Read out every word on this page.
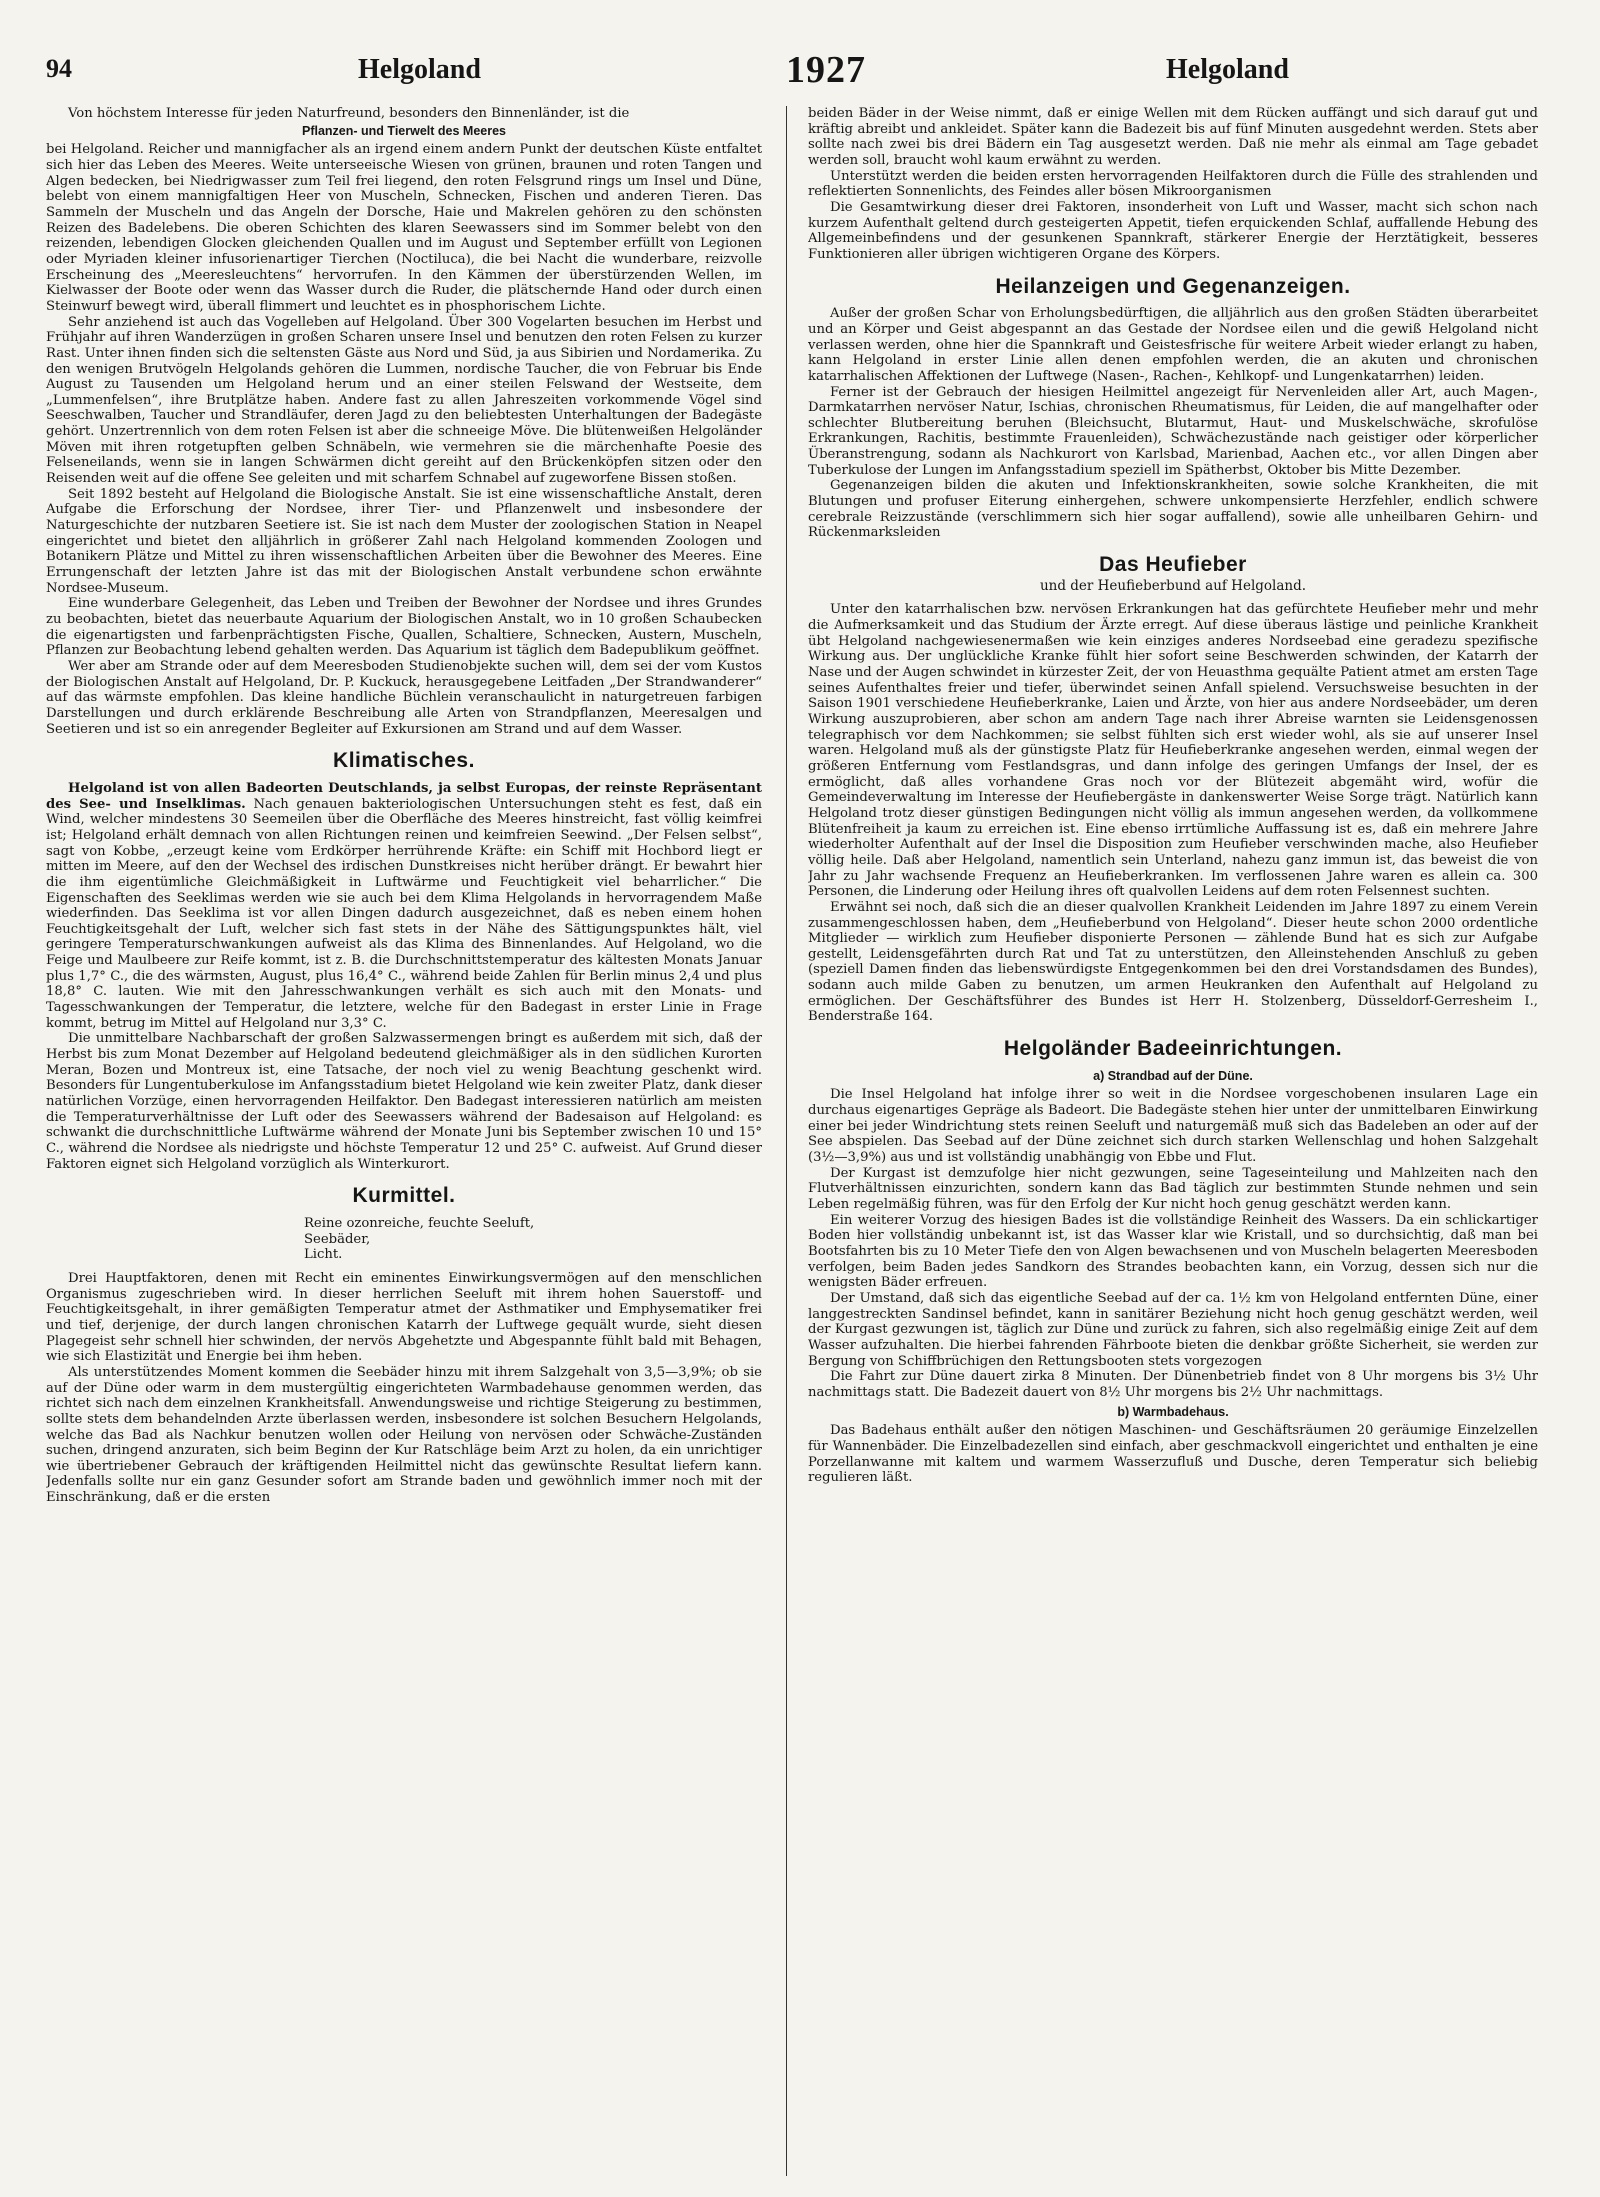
94	Helgoland	1927	Helgoland

Von höchstem Interesse für jeden Naturfreund, besonders den Binnenländer, ist die

Pflanzen- und Tierwelt des Meeres

bei Helgoland. Reicher und mannigfacher als an irgend einem andern Punkt der deutschen Küste entfaltet sich hier das Leben des Meeres. Weite unterseeische Wiesen von grünen, braunen und roten Tangen und Algen bedecken, bei Niedrigwasser zum Teil frei liegend, den roten Felsgrund rings um Insel und Düne, belebt von einem mannigfaltigen Heer von Muscheln, Schnecken, Fischen und anderen Tieren. Das Sammeln der Muscheln und das Angeln der Dorsche, Haie und Makrelen gehören zu den schönsten Reizen des Badelebens. Die oberen Schichten des klaren Seewassers sind im Sommer belebt von den reizenden, lebendigen Glocken gleichenden Quallen und im August und September erfüllt von Legionen oder Myriaden kleiner infusorienartiger Tierchen (Noctiluca), die bei Nacht die wunderbare, reizvolle Erscheinung des „Meeresleuchtens“ hervorrufen. In den Kämmen der überstürzenden Wellen, im Kielwasser der Boote oder wenn das Wasser durch die Ruder, die plätschernde Hand oder durch einen Steinwurf bewegt wird, überall flimmert und leuchtet es in phosphorischem Lichte.

Sehr anziehend ist auch das Vogelleben auf Helgoland. Über 300 Vogelarten besuchen im Herbst und Frühjahr auf ihren Wanderzügen in großen Scharen unsere Insel und benutzen den roten Felsen zu kurzer Rast. Unter ihnen finden sich die seltensten Gäste aus Nord und Süd, ja aus Sibirien und Nordamerika. Zu den wenigen Brutvögeln Helgolands gehören die Lummen, nordische Taucher, die von Februar bis Ende August zu Tausenden um Helgoland herum und an einer steilen Felswand der Westseite, dem „Lummenfelsen“, ihre Brutplätze haben. Andere fast zu allen Jahreszeiten vorkommende Vögel sind Seeschwalben, Taucher und Strandläufer, deren Jagd zu den beliebtesten Unterhaltungen der Badegäste gehört. Unzertrennlich von dem roten Felsen ist aber die schneeige Möve. Die blütenweißen Helgoländer Möven mit ihren rotgetupften gelben Schnäbeln, wie vermehren sie die märchenhafte Poesie des Felseneilands, wenn sie in langen Schwärmen dicht gereiht auf den Brückenköpfen sitzen oder den Reisenden weit auf die offene See geleiten und mit scharfem Schnabel auf zugeworfene Bissen stoßen.

Seit 1892 besteht auf Helgoland die Biologische Anstalt. Sie ist eine wissenschaftliche Anstalt, deren Aufgabe die Erforschung der Nordsee, ihrer Tier- und Pflanzenwelt und insbesondere der Naturgeschichte der nutzbaren Seetiere ist. Sie ist nach dem Muster der zoologischen Station in Neapel eingerichtet und bietet den alljährlich in größerer Zahl nach Helgoland kommenden Zoologen und Botanikern Plätze und Mittel zu ihren wissenschaftlichen Arbeiten über die Bewohner des Meeres. Eine Errungenschaft der letzten Jahre ist das mit der Biologischen Anstalt verbundene schon erwähnte Nordsee-Museum.

Eine wunderbare Gelegenheit, das Leben und Treiben der Bewohner der Nordsee und ihres Grundes zu beobachten, bietet das neuerbaute Aquarium der Biologischen Anstalt, wo in 10 großen Schaubecken die eigenartigsten und farbenprächtigsten Fische, Quallen, Schaltiere, Schnecken, Austern, Muscheln, Pflanzen zur Beobachtung lebend gehalten werden. Das Aquarium ist täglich dem Badepublikum geöffnet.

Wer aber am Strande oder auf dem Meeresboden Studienobjekte suchen will, dem sei der vom Kustos der Biologischen Anstalt auf Helgoland, Dr. P. Kuckuck, herausgegebene Leitfaden „Der Strandwanderer“ auf das wärmste empfohlen. Das kleine handliche Büchlein veranschaulicht in naturgetreuen farbigen Darstellungen und durch erklärende Beschreibung alle Arten von Strandpflanzen, Meeresalgen und Seetieren und ist so ein anregender Begleiter auf Exkursionen am Strand und auf dem Wasser.

Klimatisches.

Helgoland ist von allen Badeorten Deutschlands, ja selbst Europas, der reinste Repräsentant des See- und Inselklimas. Nach genauen bakteriologischen Untersuchungen steht es fest, daß ein Wind, welcher mindestens 30 Seemeilen über die Oberfläche des Meeres hinstreicht, fast völlig keimfrei ist; Helgoland erhält demnach von allen Richtungen reinen und keimfreien Seewind. „Der Felsen selbst“, sagt von Kobbe, „erzeugt keine vom Erdkörper herrührende Kräfte: ein Schiff mit Hochbord liegt er mitten im Meere, auf den der Wechsel des irdischen Dunstkreises nicht herüber drängt. Er bewahrt hier die ihm eigentümliche Gleichmäßigkeit in Luftwärme und Feuchtigkeit viel beharrlicher.“ Die Eigenschaften des Seeklimas werden wie sie auch bei dem Klima Helgolands in hervorragendem Maße wiederfinden. Das Seeklima ist vor allen Dingen dadurch ausgezeichnet, daß es neben einem hohen Feuchtigkeitsgehalt der Luft, welcher sich fast stets in der Nähe des Sättigungspunktes hält, viel geringere Temperaturschwankungen aufweist als das Klima des Binnenlandes. Auf Helgoland, wo die Feige und Maulbeere zur Reife kommt, ist z. B. die Durchschnittstemperatur des kältesten Monats Januar plus 1,7° C., die des wärmsten, August, plus 16,4° C., während beide Zahlen für Berlin minus 2,4 und plus 18,8° C. lauten. Wie mit den Jahresschwankungen verhält es sich auch mit den Monats- und Tagesschwankungen der Temperatur, die letztere, welche für den Badegast in erster Linie in Frage kommt, betrug im Mittel auf Helgoland nur 3,3° C.

Die unmittelbare Nachbarschaft der großen Salzwassermengen bringt es außerdem mit sich, daß der Herbst bis zum Monat Dezember auf Helgoland bedeutend gleichmäßiger als in den südlichen Kurorten Meran, Bozen und Montreux ist, eine Tatsache, der noch viel zu wenig Beachtung geschenkt wird. Besonders für Lungentuberkulose im Anfangsstadium bietet Helgoland wie kein zweiter Platz, dank dieser natürlichen Vorzüge, einen hervorragenden Heilfaktor. Den Badegast interessieren natürlich am meisten die Temperaturverhältnisse der Luft oder des Seewassers während der Badesaison auf Helgoland: es schwankt die durchschnittliche Luftwärme während der Monate Juni bis September zwischen 10 und 15° C., während die Nordsee als niedrigste und höchste Temperatur 12 und 25° C. aufweist. Auf Grund dieser Faktoren eignet sich Helgoland vorzüglich als Winterkurort.

Kurmittel.
Reine ozonreiche, feuchte Seeluft,
Seebäder,
Licht.

Drei Hauptfaktoren, denen mit Recht ein eminentes Einwirkungsvermögen auf den menschlichen Organismus zugeschrieben wird. In dieser herrlichen Seeluft mit ihrem hohen Sauerstoff- und Feuchtigkeitsgehalt, in ihrer gemäßigten Temperatur atmet der Asthmatiker und Emphysematiker frei und tief, derjenige, der durch langen chronischen Katarrh der Luftwege gequält wurde, sieht diesen Plagegeist sehr schnell hier schwinden, der nervös Abgehetzte und Abgespannte fühlt bald mit Behagen, wie sich Elastizität und Energie bei ihm heben.

Als unterstützendes Moment kommen die Seebäder hinzu mit ihrem Salzgehalt von 3,5—3,9%; ob sie auf der Düne oder warm in dem mustergültig eingerichteten Warmbadehause genommen werden, das richtet sich nach dem einzelnen Krankheitsfall. Anwendungsweise und richtige Steigerung zu bestimmen, sollte stets dem behandelnden Arzte überlassen werden, insbesondere ist solchen Besuchern Helgolands, welche das Bad als Nachkur benutzen wollen oder Heilung von nervösen oder Schwäche-Zuständen suchen, dringend anzuraten, sich beim Beginn der Kur Ratschläge beim Arzt zu holen, da ein unrichtiger wie übertriebener Gebrauch der kräftigenden Heilmittel nicht das gewünschte Resultat liefern kann. Jedenfalls sollte nur ein ganz Gesunder sofort am Strande baden und gewöhnlich immer noch mit der Einschränkung, daß er die ersten

beiden Bäder in der Weise nimmt, daß er einige Wellen mit dem Rücken auffängt und sich darauf gut und kräftig abreibt und ankleidet. Später kann die Badezeit bis auf fünf Minuten ausgedehnt werden. Stets aber sollte nach zwei bis drei Bädern ein Tag ausgesetzt werden. Daß nie mehr als einmal am Tage gebadet werden soll, braucht wohl kaum erwähnt zu werden.

Unterstützt werden die beiden ersten hervorragenden Heilfaktoren durch die Fülle des strahlenden und reflektierten Sonnenlichts, des Feindes aller bösen Mikroorganismen

Die Gesamtwirkung dieser drei Faktoren, insonderheit von Luft und Wasser, macht sich schon nach kurzem Aufenthalt geltend durch gesteigerten Appetit, tiefen erquickenden Schlaf, auffallende Hebung des Allgemeinbefindens und der gesunkenen Spannkraft, stärkerer Energie der Herztätigkeit, besseres Funktionieren aller übrigen wichtigeren Organe des Körpers.

Heilanzeigen und Gegenanzeigen.

Außer der großen Schar von Erholungsbedürftigen, die alljährlich aus den großen Städten überarbeitet und an Körper und Geist abgespannt an das Gestade der Nordsee eilen und die gewiß Helgoland nicht verlassen werden, ohne hier die Spannkraft und Geistesfrische für weitere Arbeit wieder erlangt zu haben, kann Helgoland in erster Linie allen denen empfohlen werden, die an akuten und chronischen katarrhalischen Affektionen der Luftwege (Nasen-, Rachen-, Kehlkopf- und Lungenkatarrhen) leiden.

Ferner ist der Gebrauch der hiesigen Heilmittel angezeigt für Nervenleiden aller Art, auch Magen-, Darmkatarrhen nervöser Natur, Ischias, chronischen Rheumatismus, für Leiden, die auf mangelhafter oder schlechter Blutbereitung beruhen (Bleichsucht, Blutarmut, Haut- und Muskelschwäche, skrofulöse Erkrankungen, Rachitis, bestimmte Frauenleiden), Schwächezustände nach geistiger oder körperlicher Überanstrengung, sodann als Nachkurort von Karlsbad, Marienbad, Aachen etc., vor allen Dingen aber Tuberkulose der Lungen im Anfangsstadium speziell im Spätherbst, Oktober bis Mitte Dezember.

Gegenanzeigen bilden die akuten und Infektionskrankheiten, sowie solche Krankheiten, die mit Blutungen und profuser Eiterung einhergehen, schwere unkompensierte Herzfehler, endlich schwere cerebrale Reizzustände (verschlimmern sich hier sogar auffallend), sowie alle unheilbaren Gehirn- und Rückenmarksleiden

Das Heufieber
und der Heufieberbund auf Helgoland.

Unter den katarrhalischen bzw. nervösen Erkrankungen hat das gefürchtete Heufieber mehr und mehr die Aufmerksamkeit und das Studium der Ärzte erregt. Auf diese überaus lästige und peinliche Krankheit übt Helgoland nachgewiesenermaßen wie kein einziges anderes Nordseebad eine geradezu spezifische Wirkung aus. Der unglückliche Kranke fühlt hier sofort seine Beschwerden schwinden, der Katarrh der Nase und der Augen schwindet in kürzester Zeit, der von Heuasthma gequälte Patient atmet am ersten Tage seines Aufenthaltes freier und tiefer, überwindet seinen Anfall spielend. Versuchsweise besuchten in der Saison 1901 verschiedene Heufieberkranke, Laien und Ärzte, von hier aus andere Nordseebäder, um deren Wirkung auszuprobieren, aber schon am andern Tage nach ihrer Abreise warnten sie Leidensgenossen telegraphisch vor dem Nachkommen; sie selbst fühlten sich erst wieder wohl, als sie auf unserer Insel waren. Helgoland muß als der günstigste Platz für Heufieberkranke angesehen werden, einmal wegen der größeren Entfernung vom Festlandsgras, und dann infolge des geringen Umfangs der Insel, der es ermöglicht, daß alles vorhandene Gras noch vor der Blütezeit abgemäht wird, wofür die Gemeindeverwaltung im Interesse der Heufiebergäste in dankenswerter Weise Sorge trägt. Natürlich kann Helgoland trotz dieser günstigen Bedingungen nicht völlig als immun angesehen werden, da vollkommene Blütenfreiheit ja kaum zu erreichen ist. Eine ebenso irrtümliche Auffassung ist es, daß ein mehrere Jahre wiederholter Aufenthalt auf der Insel die Disposition zum Heufieber verschwinden mache, also Heufieber völlig heile. Daß aber Helgoland, namentlich sein Unterland, nahezu ganz immun ist, das beweist die von Jahr zu Jahr wachsende Frequenz an Heufieberkranken. Im verflossenen Jahre waren es allein ca. 300 Personen, die Linderung oder Heilung ihres oft qualvollen Leidens auf dem roten Felsennest suchten.

Erwähnt sei noch, daß sich die an dieser qualvollen Krankheit Leidenden im Jahre 1897 zu einem Verein zusammengeschlossen haben, dem „Heufieberbund von Helgoland“. Dieser heute schon 2000 ordentliche Mitglieder — wirklich zum Heufieber disponierte Personen — zählende Bund hat es sich zur Aufgabe gestellt, Leidensgefährten durch Rat und Tat zu unterstützen, den Alleinstehenden Anschluß zu geben (speziell Damen finden das liebenswürdigste Entgegenkommen bei den drei Vorstandsdamen des Bundes), sodann auch milde Gaben zu benutzen, um armen Heukranken den Aufenthalt auf Helgoland zu ermöglichen. Der Geschäftsführer des Bundes ist Herr H. Stolzenberg, Düsseldorf-Gerresheim I., Benderstraße 164.

Helgoländer Badeeinrichtungen.
a) Strandbad auf der Düne.

Die Insel Helgoland hat infolge ihrer so weit in die Nordsee vorgeschobenen insularen Lage ein durchaus eigenartiges Gepräge als Badeort. Die Badegäste stehen hier unter der unmittelbaren Einwirkung einer bei jeder Windrichtung stets reinen Seeluft und naturgemäß muß sich das Badeleben an oder auf der See abspielen. Das Seebad auf der Düne zeichnet sich durch starken Wellenschlag und hohen Salzgehalt (3½—3,9%) aus und ist vollständig unabhängig von Ebbe und Flut.

Der Kurgast ist demzufolge hier nicht gezwungen, seine Tageseinteilung und Mahlzeiten nach den Flutverhältnissen einzurichten, sondern kann das Bad täglich zur bestimmten Stunde nehmen und sein Leben regelmäßig führen, was für den Erfolg der Kur nicht hoch genug geschätzt werden kann.

Ein weiterer Vorzug des hiesigen Bades ist die vollständige Reinheit des Wassers. Da ein schlickartiger Boden hier vollständig unbekannt ist, ist das Wasser klar wie Kristall, und so durchsichtig, daß man bei Bootsfahrten bis zu 10 Meter Tiefe den von Algen bewachsenen und von Muscheln belagerten Meeresboden verfolgen, beim Baden jedes Sandkorn des Strandes beobachten kann, ein Vorzug, dessen sich nur die wenigsten Bäder erfreuen.

Der Umstand, daß sich das eigentliche Seebad auf der ca. 1½ km von Helgoland entfernten Düne, einer langgestreckten Sandinsel befindet, kann in sanitärer Beziehung nicht hoch genug geschätzt werden, weil der Kurgast gezwungen ist, täglich zur Düne und zurück zu fahren, sich also regelmäßig einige Zeit auf dem Wasser aufzuhalten. Die hierbei fahrenden Fährboote bieten die denkbar größte Sicherheit, sie werden zur Bergung von Schiffbrüchigen den Rettungsbooten stets vorgezogen

Die Fahrt zur Düne dauert zirka 8 Minuten. Der Dünenbetrieb findet von 8 Uhr morgens bis 3½ Uhr nachmittags statt. Die Badezeit dauert von 8½ Uhr morgens bis 2½ Uhr nachmittags.

b) Warmbadehaus.

Das Badehaus enthält außer den nötigen Maschinen- und Geschäftsräumen 20 geräumige Einzelzellen für Wannenbäder. Die Einzelbadezellen sind einfach, aber geschmackvoll eingerichtet und enthalten je eine Porzellanwanne mit kaltem und warmem Wasserzufluß und Dusche, deren Temperatur sich beliebig regulieren läßt.
